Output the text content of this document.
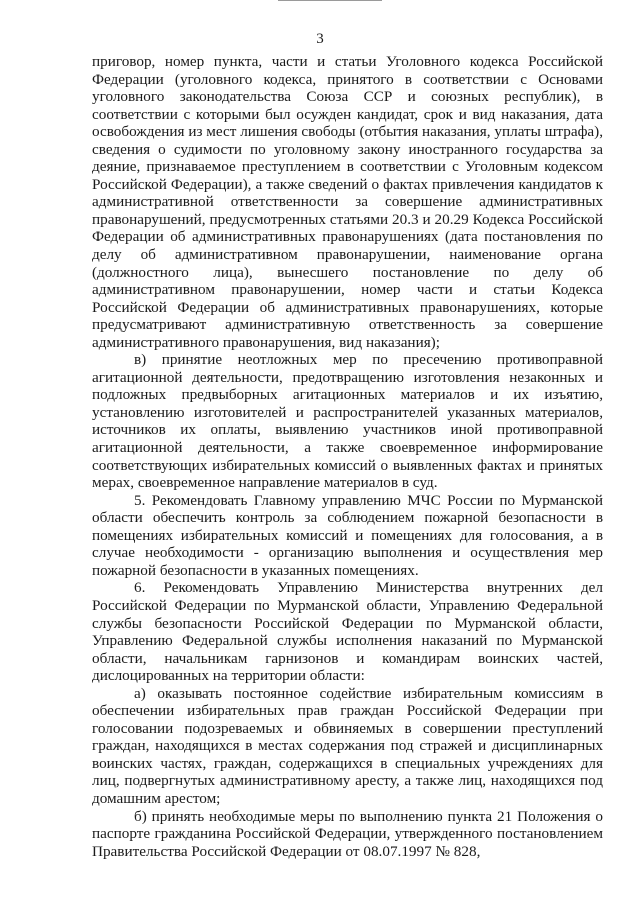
3

приговор, номер пункта, части и статьи Уголовного кодекса Российской Федерации (уголовного кодекса, принятого в соответствии с Основами уголовного законодательства Союза ССР и союзных республик), в соответствии с которыми был осужден кандидат, срок и вид наказания, дата освобождения из мест лишения свободы (отбытия наказания, уплаты штрафа), сведения о судимости по уголовному закону иностранного государства за деяние, признаваемое преступлением в соответствии с Уголовным кодексом Российской Федерации), а также сведений о фактах привлечения кандидатов к административной ответственности за совершение административных правонарушений, предусмотренных статьями 20.3 и 20.29 Кодекса Российской Федерации об административных правонарушениях (дата постановления по делу об административном правонарушении, наименование органа (должностного лица), вынесшего постановление по делу об административном правонарушении, номер части и статьи Кодекса Российской Федерации об административных правонарушениях, которые предусматривают административную ответственность за совершение административного правонарушения, вид наказания);

в) принятие неотложных мер по пресечению противоправной агитационной деятельности, предотвращению изготовления незаконных и подложных предвыборных агитационных материалов и их изъятию, установлению изготовителей и распространителей указанных материалов, источников их оплаты, выявлению участников иной противоправной агитационной деятельности, а также своевременное информирование соответствующих избирательных комиссий о выявленных фактах и принятых мерах, своевременное направление материалов в суд.

5. Рекомендовать Главному управлению МЧС России по Мурманской области обеспечить контроль за соблюдением пожарной безопасности в помещениях избирательных комиссий и помещениях для голосования, а в случае необходимости - организацию выполнения и осуществления мер пожарной безопасности в указанных помещениях.

6. Рекомендовать Управлению Министерства внутренних дел Российской Федерации по Мурманской области, Управлению Федеральной службы безопасности Российской Федерации по Мурманской области, Управлению Федеральной службы исполнения наказаний по Мурманской области, начальникам гарнизонов и командирам воинских частей, дислоцированных на территории области:

а) оказывать постоянное содействие избирательным комиссиям в обеспечении избирательных прав граждан Российской Федерации при голосовании подозреваемых и обвиняемых в совершении преступлений граждан, находящихся в местах содержания под стражей и дисциплинарных воинских частях, граждан, содержащихся в специальных учреждениях для лиц, подвергнутых административному аресту, а также лиц, находящихся под домашним арестом;

б) принять необходимые меры по выполнению пункта 21 Положения о паспорте гражданина Российской Федерации, утвержденного постановлением Правительства Российской Федерации от 08.07.1997 № 828,
